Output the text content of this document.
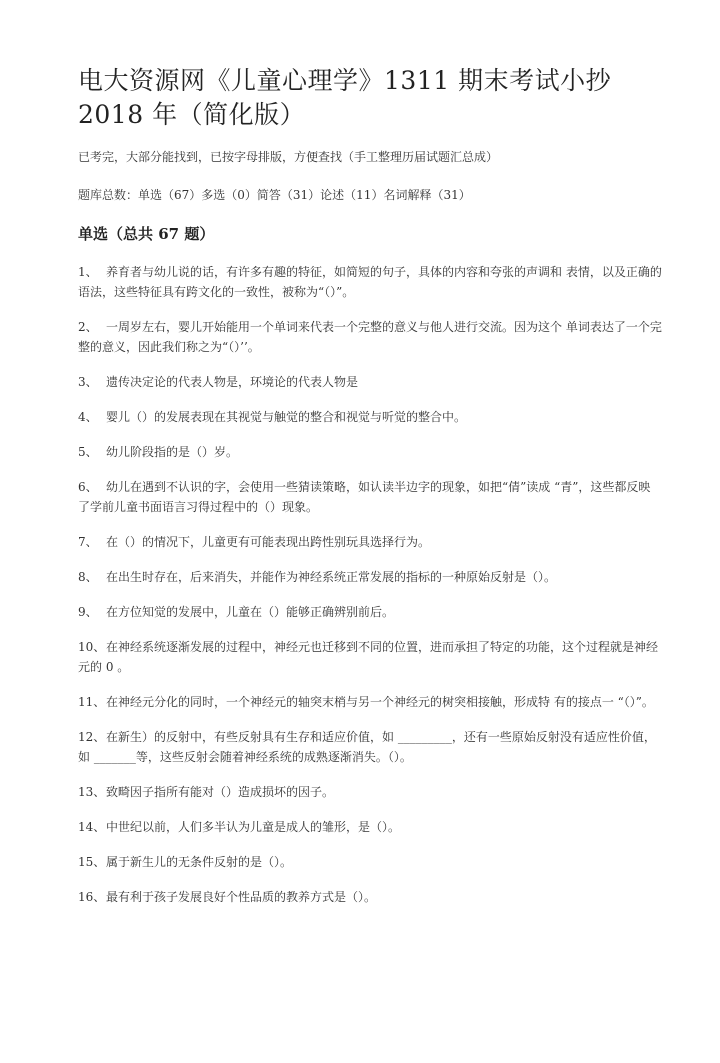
电大资源网《儿童心理学》1311 期末考试小抄 2018 年（简化版）

已考完，大部分能找到，已按字母排版，方便查找（手工整理历届试题汇总成）

题库总数：单选（67）多选（0）简答（31）论述（11）名词解释（31）

单选（总共 67 题）
1、 养育者与幼儿说的话，有许多有趣的特征，如简短的句子，具体的内容和夸张的声调和 表情，以及正确的语法，这些特征具有跨文化的一致性，被称为“（）”。
2、 一周岁左右，婴儿开始能用一个单词来代表一个完整的意义与他人进行交流。因为这个 单词表达了一个完整的意义，因此我们称之为“（）’’。
3、 遗传决定论的代表人物是，环境论的代表人物是
4、 婴儿（）的发展表现在其视觉与触觉的整合和视觉与听觉的整合中。
5、 幼儿阶段指的是（）岁。
6、 幼儿在遇到不认识的字，会使用一些猜读策略，如认读半边字的现象，如把“倩”读成 “青”，这些都反映了学前儿童书面语言习得过程中的（）现象。
7、 在（）的情况下，儿童更有可能表现出跨性别玩具选择行为。
8、 在出生时存在，后来消失，并能作为神经系统正常发展的指标的一种原始反射是（）。
9、 在方位知觉的发展中，儿童在（）能够正确辨别前后。
10、在神经系统逐渐发展的过程中，神经元也迁移到不同的位置，进而承担了特定的功能，这个过程就是神经元的 0 。
11、在神经元分化的同时，一个神经元的轴突末梢与另一个神经元的树突相接触，形成特 有的接点一 “（）”。
12、在新生）的反射中，有些反射具有生存和适应价值，如 _________，还有一些原始反射没有适应性价值，如 _______等，这些反射会随着神经系统的成熟逐渐消失。（）。
13、致畸因子指所有能对（）造成损坏的因子。
14、中世纪以前，人们多半认为儿童是成人的雏形，是（）。
15、属于新生儿的无条件反射的是（）。
16、最有利于孩子发展良好个性品质的教养方式是（）。
